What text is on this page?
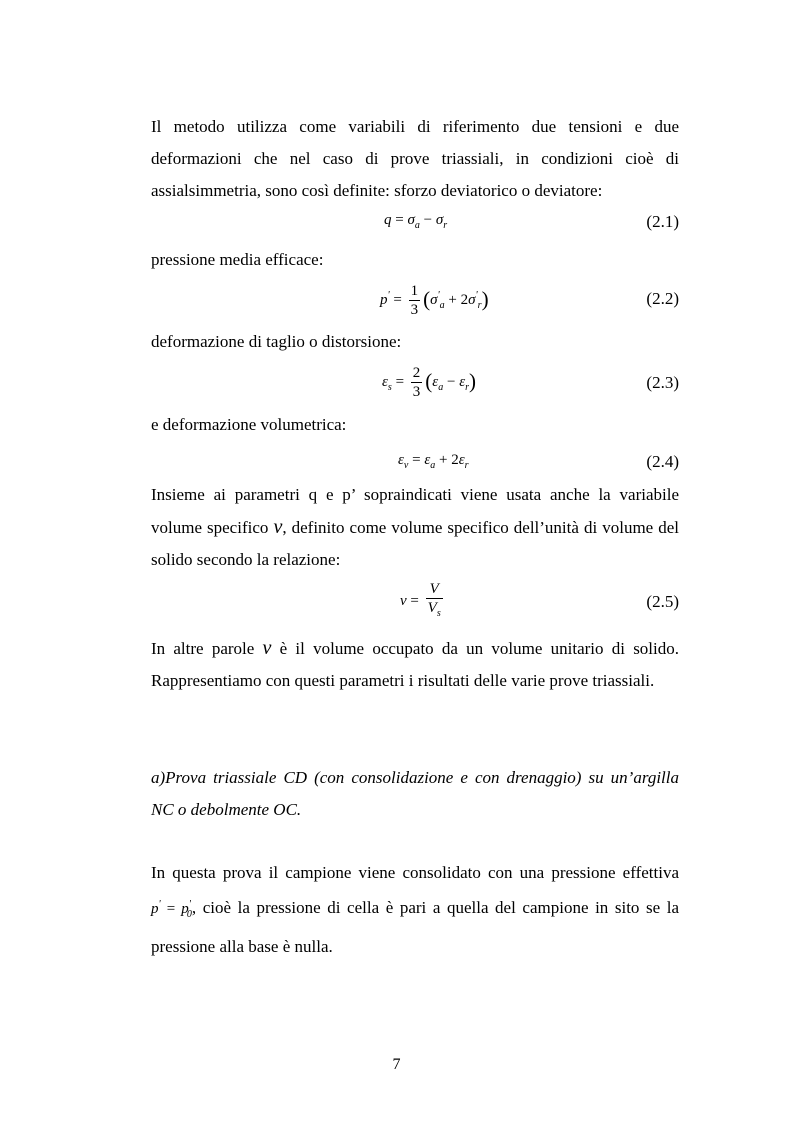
Il metodo utilizza come variabili di riferimento due tensioni e due deformazioni che nel caso di prove triassiali, in condizioni cioè di assialsimmetria, sono così definite: sforzo deviatorico o deviatore:

$q = \sigma_a - \sigma_r$	(2.1)

pressione media efficace:

$p' = \frac{1}{3} (\sigma'_a + 2\sigma'_r)$	(2.2)

deformazione di taglio o distorsione:

$\varepsilon_s = \frac{2}{3} (\varepsilon_a - \varepsilon_r)$	(2.3)

e deformazione volumetrica:

$\varepsilon_v = \varepsilon_a + 2\varepsilon_r$	(2.4)

Insieme ai parametri q e p’ sopraindicati viene usata anche la variabile volume specifico v, definito come volume specifico dell’unità di volume del solido secondo la relazione:

$v = \frac{V}{V_s}$	(2.5)

In altre parole v è il volume occupato da un volume unitario di solido. Rappresentiamo con questi parametri i risultati delle varie prove triassiali.

a)Prova triassiale CD (con consolidazione e con drenaggio) su un’argilla NC o debolmente OC.

In questa prova il campione viene consolidato con una pressione effettiva $p' = p'_0$, cioè la pressione di cella è pari a quella del campione in sito se la pressione alla base è nulla.

7
